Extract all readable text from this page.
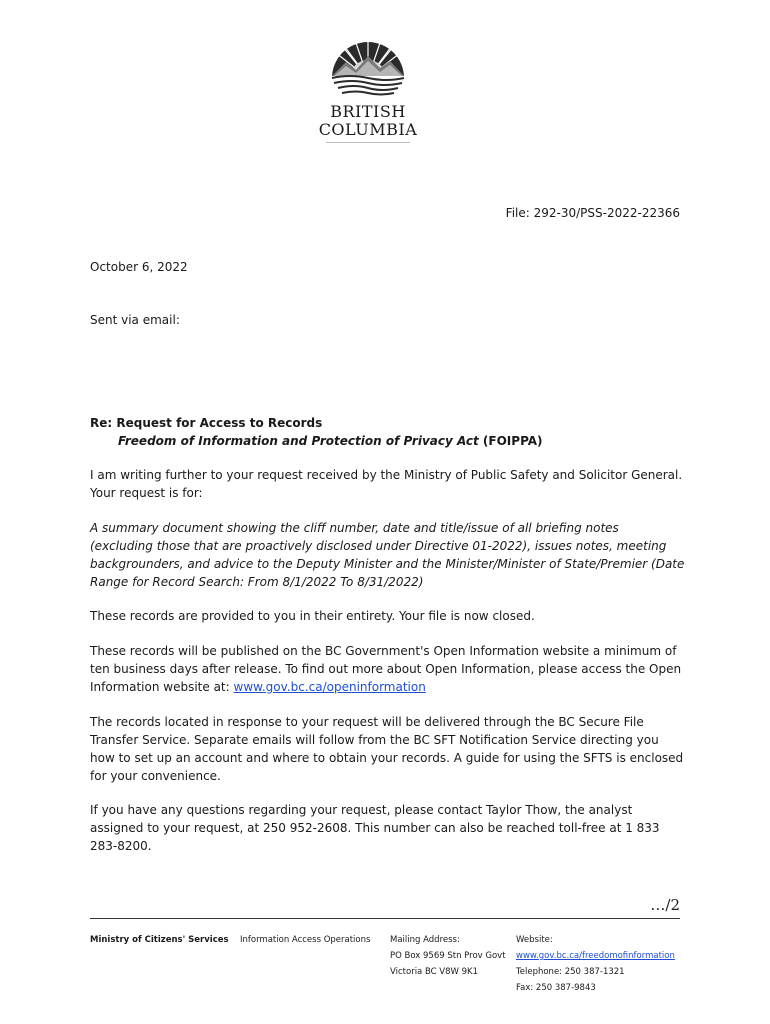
BRITISH
COLUMBIA
File: 292-30/PSS-2022-22366
October 6, 2022
Sent via email:
Re: Request for Access to Records
Freedom of Information and Protection of Privacy Act (FOIPPA)
I am writing further to your request received by the Ministry of Public Safety and Solicitor General. Your request is for:
A summary document showing the cliff number, date and title/issue of all briefing notes (excluding those that are proactively disclosed under Directive 01-2022), issues notes, meeting backgrounders, and advice to the Deputy Minister and the Minister/Minister of State/Premier (Date Range for Record Search: From 8/1/2022 To 8/31/2022)
These records are provided to you in their entirety. Your file is now closed.
These records will be published on the BC Government's Open Information website a minimum of ten business days after release. To find out more about Open Information, please access the Open Information website at: www.gov.bc.ca/openinformation
The records located in response to your request will be delivered through the BC Secure File Transfer Service. Separate emails will follow from the BC SFT Notification Service directing you how to set up an account and where to obtain your records. A guide for using the SFTS is enclosed for your convenience.
If you have any questions regarding your request, please contact Taylor Thow, the analyst assigned to your request, at 250 952-2608. This number can also be reached toll-free at 1 833 283-8200.
…/2
Ministry of Citizens' Services Information Access Operations Mailing Address:
PO Box 9569 Stn Prov Govt
Victoria BC V8W 9K1
Website:
www.gov.bc.ca/freedomofinformation
Telephone: 250 387-1321
Fax: 250 387-9843
